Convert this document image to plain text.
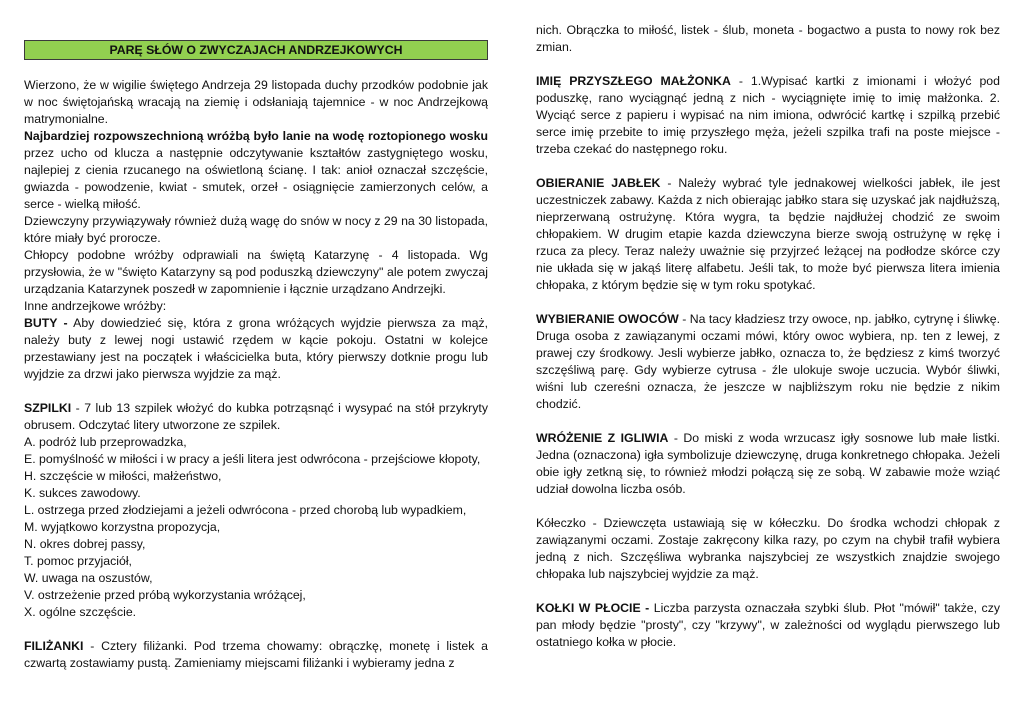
PARĘ SŁÓW O ZWYCZAJACH ANDRZEJKOWYCH

Wierzono, że w wigilie świętego Andrzeja 29 listopada duchy przodków podobnie jak w noc świętojańską wracają na ziemię i odsłaniają tajemnice - w noc Andrzejkową matrymonialne.

Najbardziej rozpowszechnioną wróżbą było lanie na wodę roztopionego wosku przez ucho od klucza a następnie odczytywanie kształtów zastygniętego wosku, najlepiej z cienia rzucanego na oświetloną ścianę. I tak: anioł oznaczał szczęście, gwiazda - powodzenie, kwiat - smutek, orzeł - osiągnięcie zamierzonych celów, a serce - wielką miłość.

Dziewczyny przywiązywały również dużą wagę do snów w nocy z 29 na 30 listopada, które miały być prorocze.

Chłopcy podobne wróżby odprawiali na świętą Katarzynę - 4 listopada. Wg przysłowia, że w "święto Katarzyny są pod poduszką dziewczyny" ale potem zwyczaj urządzania Katarzynek poszedł w zapomnienie i łącznie urządzano Andrzejki.

Inne andrzejkowe wróżby:

BUTY - Aby dowiedzieć się, która z grona wróżących wyjdzie pierwsza za mąż, należy buty z lewej nogi ustawić rzędem w kącie pokoju. Ostatni w kolejce przestawiany jest na początek i właścicielka buta, który pierwszy dotknie progu lub wyjdzie za drzwi jako pierwsza wyjdzie za mąż.

SZPILKI - 7 lub 13 szpilek włożyć do kubka potrząsnąć i wysypać na stół przykryty obrusem. Odczytać litery utworzone ze szpilek.

A. podróż lub przeprowadzka,

E. pomyślność w miłości i w pracy a jeśli litera jest odwrócona - przejściowe kłopoty,

H. szczęście w miłości, małżeństwo,

K. sukces zawodowy.

L. ostrzega przed złodziejami a jeżeli odwrócona - przed chorobą lub wypadkiem,

M. wyjątkowo korzystna propozycja,

N. okres dobrej passy,

T. pomoc przyjaciół,

W. uwaga na oszustów,

V. ostrzeżenie przed próbą wykorzystania wróżącej,

X. ogólne szczęście.

FILIŻANKI - Cztery filiżanki. Pod trzema chowamy: obrączkę, monetę i listek a czwartą zostawiamy pustą. Zamieniamy miejscami filiżanki i wybieramy jedna z

nich. Obrączka to miłość, listek - ślub, moneta - bogactwo a pusta to nowy rok bez zmian.

IMIĘ PRZYSZŁEGO MAŁŻONKA - 1.Wypisać kartki z imionami i włożyć pod poduszkę, rano wyciągnąć jedną z nich - wyciągnięte imię to imię małżonka. 2. Wyciąć serce z papieru i wypisać na nim imiona, odwrócić kartkę i szpilką przebić serce imię przebite to imię przyszłego męża, jeżeli szpilka trafi na poste miejsce - trzeba czekać do następnego roku.

OBIERANIE JABŁEK - Należy wybrać tyle jednakowej wielkości jabłek, ile jest uczestniczek zabawy. Każda z nich obierając jabłko stara się uzyskać jak najdłuższą, nieprzerwaną ostrużynę. Która wygra, ta będzie najdłużej chodzić ze swoim chłopakiem. W drugim etapie kazda dziewczyna bierze swoją ostrużynę w rękę i rzuca za plecy. Teraz należy uważnie się przyjrzeć leżącej na podłodze skórce czy nie układa się w jakąś literę alfabetu. Jeśli tak, to może być pierwsza litera imienia chłopaka, z którym będzie się w tym roku spotykać.

WYBIERANIE OWOCÓW - Na tacy kładziesz trzy owoce, np. jabłko, cytrynę i śliwkę. Druga osoba z zawiązanymi oczami mówi, który owoc wybiera, np. ten z lewej, z prawej czy środkowy. Jesli wybierze jabłko, oznacza to, że będziesz z kimś tworzyć szczęśliwą parę. Gdy wybierze cytrusa - źle ulokuje swoje uczucia. Wybór śliwki, wiśni lub czereśni oznacza, że jeszcze w najbliższym roku nie będzie z nikim chodzić.

WRÓŻENIE Z IGLIWIA - Do miski z woda wrzucasz igły sosnowe lub małe listki. Jedna (oznaczona) igła symbolizuje dziewczynę, druga konkretnego chłopaka. Jeżeli obie igły zetkną się, to również młodzi połączą się ze sobą. W zabawie może wziąć udział dowolna liczba osób.

Kółeczko - Dziewczęta ustawiają się w kółeczku. Do środka wchodzi chłopak z zawiązanymi oczami. Zostaje zakręcony kilka razy, po czym na chybił trafił wybiera jedną z nich. Szczęśliwa wybranka najszybciej ze wszystkich znajdzie swojego chłopaka lub najszybciej wyjdzie za mąż.

KOŁKI W PŁOCIE - Liczba parzysta oznaczała szybki ślub. Płot "mówił" także, czy pan młody będzie "prosty", czy "krzywy", w zależności od wyglądu pierwszego lub ostatniego kołka w płocie.
